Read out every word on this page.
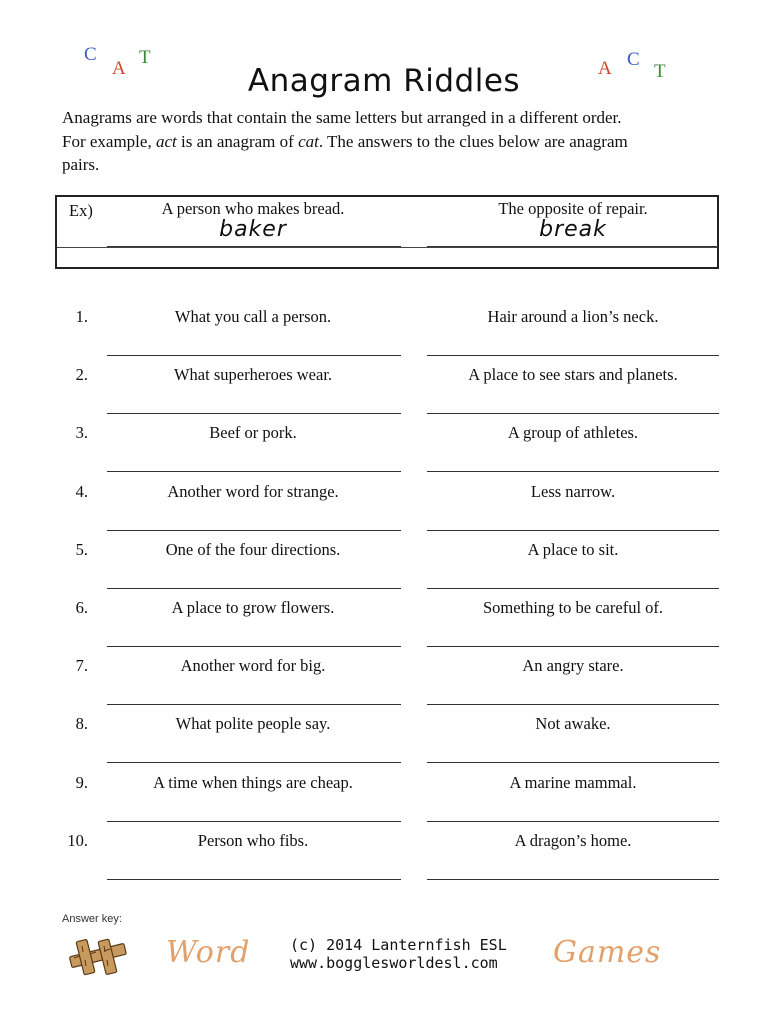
C
A
T
A C
T
Anagram Riddles
Anagrams are words that contain the same letters but arranged in a different order.
For example, act is an anagram of cat. The answers to the clues below are anagram
pairs.
Ex)	A person who makes bread.	The opposite of repair.
baker	break
1.	What you call a person.	Hair around a lion’s neck.
2.	What superheroes wear.	A place to see stars and planets.
3.	Beef or pork.	A group of athletes.
4.	Another word for strange.	Less narrow.
5.	One of the four directions.	A place to sit.
6.	A place to grow flowers.	Something to be careful of.
7.	Another word for big.	An angry stare.
8.	What polite people say.	Not awake.
9.	A time when things are cheap.	A marine mammal.
10.	Person who fibs.	A dragon’s home.
Answer key:
Word	(c) 2014 Lanternfish ESL
www.bogglesworldesl.com	Games
